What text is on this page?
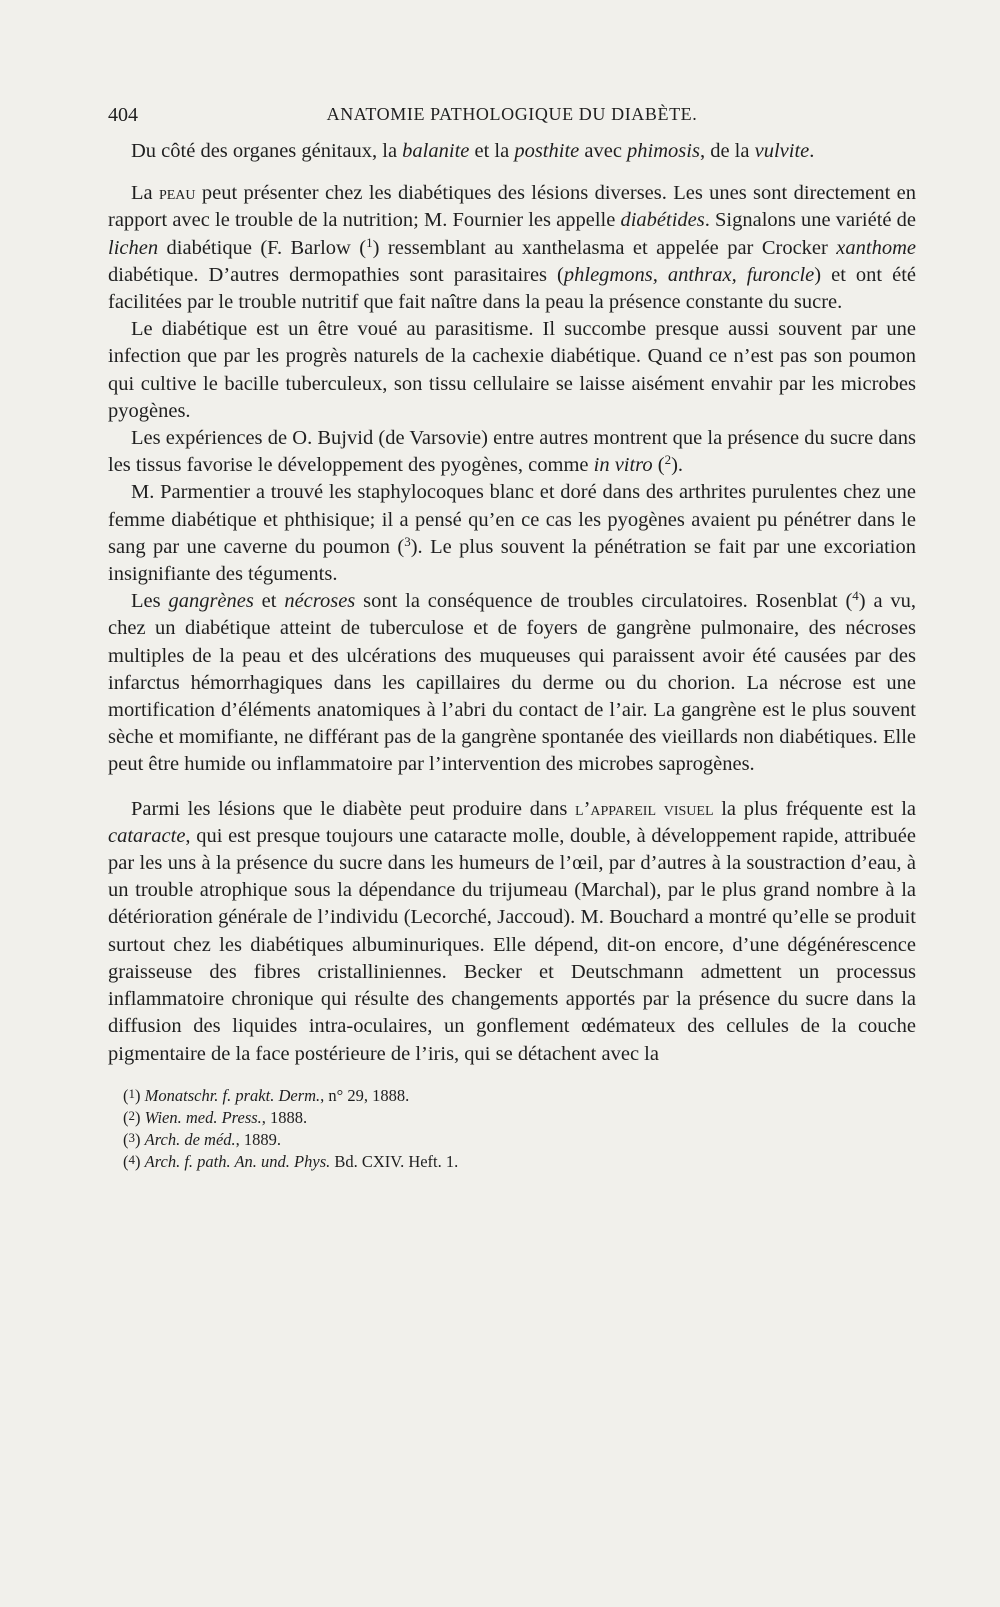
404	ANATOMIE PATHOLOGIQUE DU DIABÈTE.

Du côté des organes génitaux, la balanite et la posthite avec phimosis, de la vulvite.

La peau peut présenter chez les diabétiques des lésions diverses. Les unes sont directement en rapport avec le trouble de la nutrition; M. Fournier les appelle diabétides. Signalons une variété de lichen diabétique (F. Barlow ($^1$) ressemblant au xanthelasma et appelée par Crocker xanthome diabétique. D’autres dermopathies sont parasitaires (phlegmons, anthrax, furoncle) et ont été facilitées par le trouble nutritif que fait naître dans la peau la présence constante du sucre.

Le diabétique est un être voué au parasitisme. Il succombe presque aussi souvent par une infection que par les progrès naturels de la cachexie diabétique. Quand ce n’est pas son poumon qui cultive le bacille tuberculeux, son tissu cellulaire se laisse aisément envahir par les microbes pyogènes.

Les expériences de O. Bujvid (de Varsovie) entre autres montrent que la présence du sucre dans les tissus favorise le développement des pyogènes, comme in vitro ($^2$).

M. Parmentier a trouvé les staphylocoques blanc et doré dans des arthrites purulentes chez une femme diabétique et phthisique; il a pensé qu’en ce cas les pyogènes avaient pu pénétrer dans le sang par une caverne du poumon ($^3$). Le plus souvent la pénétration se fait par une excoriation insignifiante des téguments.

Les gangrènes et nécroses sont la conséquence de troubles circulatoires. Rosenblat ($^4$) a vu, chez un diabétique atteint de tuberculose et de foyers de gangrène pulmonaire, des nécroses multiples de la peau et des ulcérations des muqueuses qui paraissent avoir été causées par des infarctus hémorrhagiques dans les capillaires du derme ou du chorion. La nécrose est une mortification d’éléments anatomiques à l’abri du contact de l’air. La gangrène est le plus souvent sèche et momifiante, ne différant pas de la gangrène spontanée des vieillards non diabétiques. Elle peut être humide ou inflammatoire par l’intervention des microbes saprogènes.

Parmi les lésions que le diabète peut produire dans l’appareil visuel la plus fréquente est la cataracte, qui est presque toujours une cataracte molle, double, à développement rapide, attribuée par les uns à la présence du sucre dans les humeurs de l’œil, par d’autres à la soustraction d’eau, à un trouble atrophique sous la dépendance du trijumeau (Marchal), par le plus grand nombre à la détérioration générale de l’individu (Lecorché, Jaccoud). M. Bouchard a montré qu’elle se produit surtout chez les diabétiques albuminuriques. Elle dépend, dit-on encore, d’une dégénérescence graisseuse des fibres cristalliniennes. Becker et Deutschmann admettent un processus inflammatoire chronique qui résulte des changements apportés par la présence du sucre dans la diffusion des liquides intra-oculaires, un gonflement œdémateux des cellules de la couche pigmentaire de la face postérieure de l’iris, qui se détachent avec la

(1) Monatschr. f. prakt. Derm., n° 29, 1888.

(2) Wien. med. Press., 1888.

(3) Arch. de méd., 1889.

(4) Arch. f. path. An. und. Phys. Bd. CXIV. Heft. 1.
